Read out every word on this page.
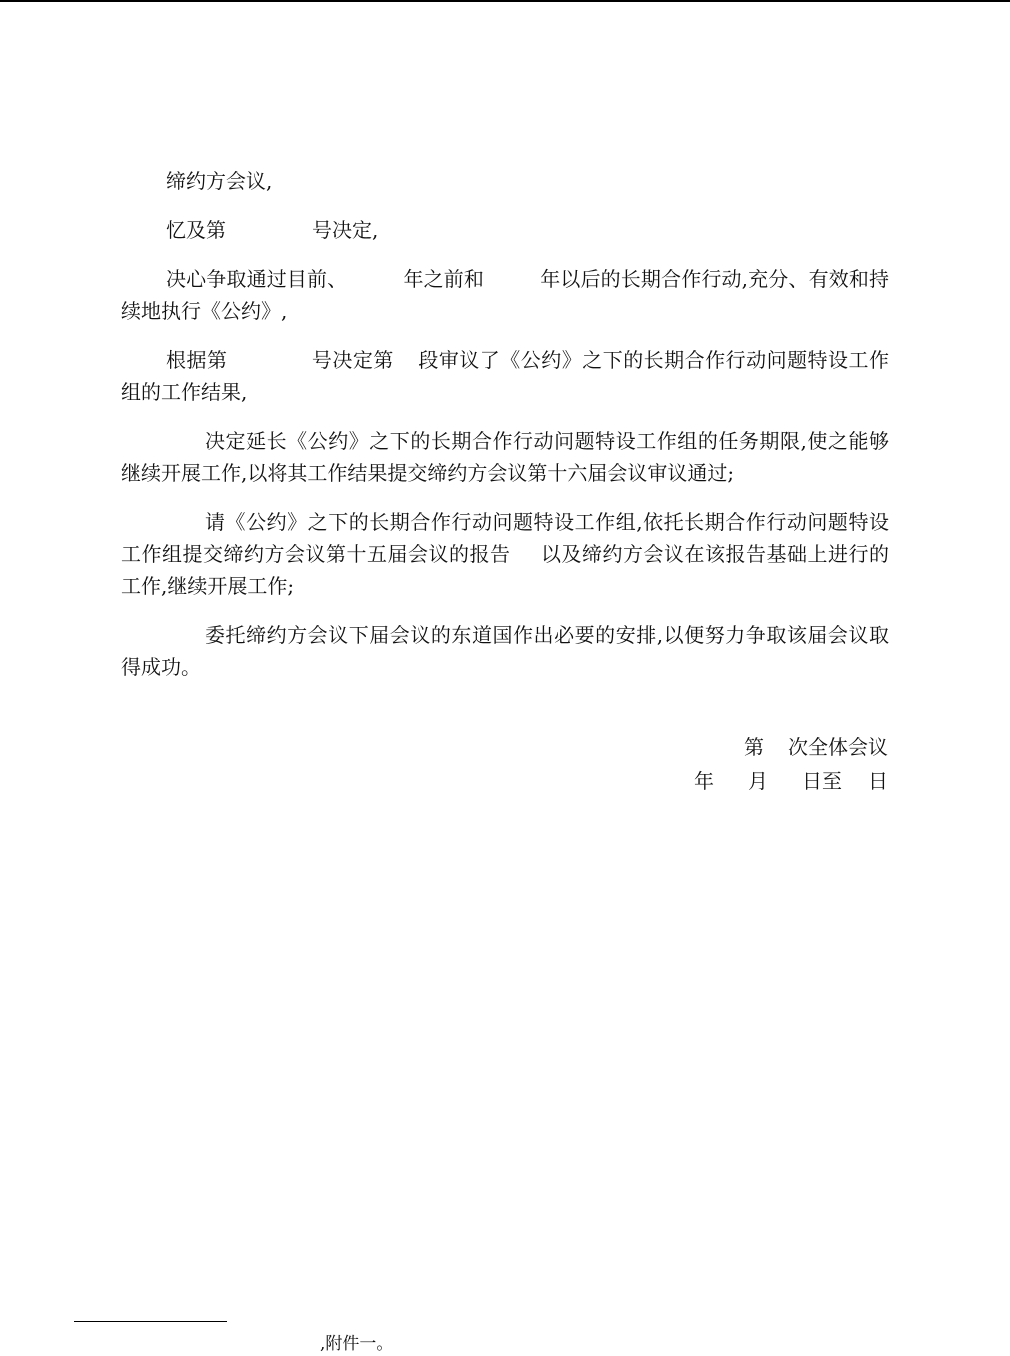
缔约方会议,

忆及第	号决定,

决心争取通过目前、	年之前和	年以后的长期合作行动,充分、有效和持续地执行《公约》,

根据第	号决定第 段审议了《公约》之下的长期合作行动问题特设工作组的工作结果,

决定延长《公约》之下的长期合作行动问题特设工作组的任务期限,使之能够继续开展工作,以将其工作结果提交缔约方会议第十六届会议审议通过;

请《公约》之下的长期合作行动问题特设工作组,依托长期合作行动问题特设工作组提交缔约方会议第十五届会议的报告 以及缔约方会议在该报告基础上进行的工作,继续开展工作;

委托缔约方会议下届会议的东道国作出必要的安排,以便努力争取该届会议取得成功。

第 次全体会议
年 月 日至 日
,附件一。
